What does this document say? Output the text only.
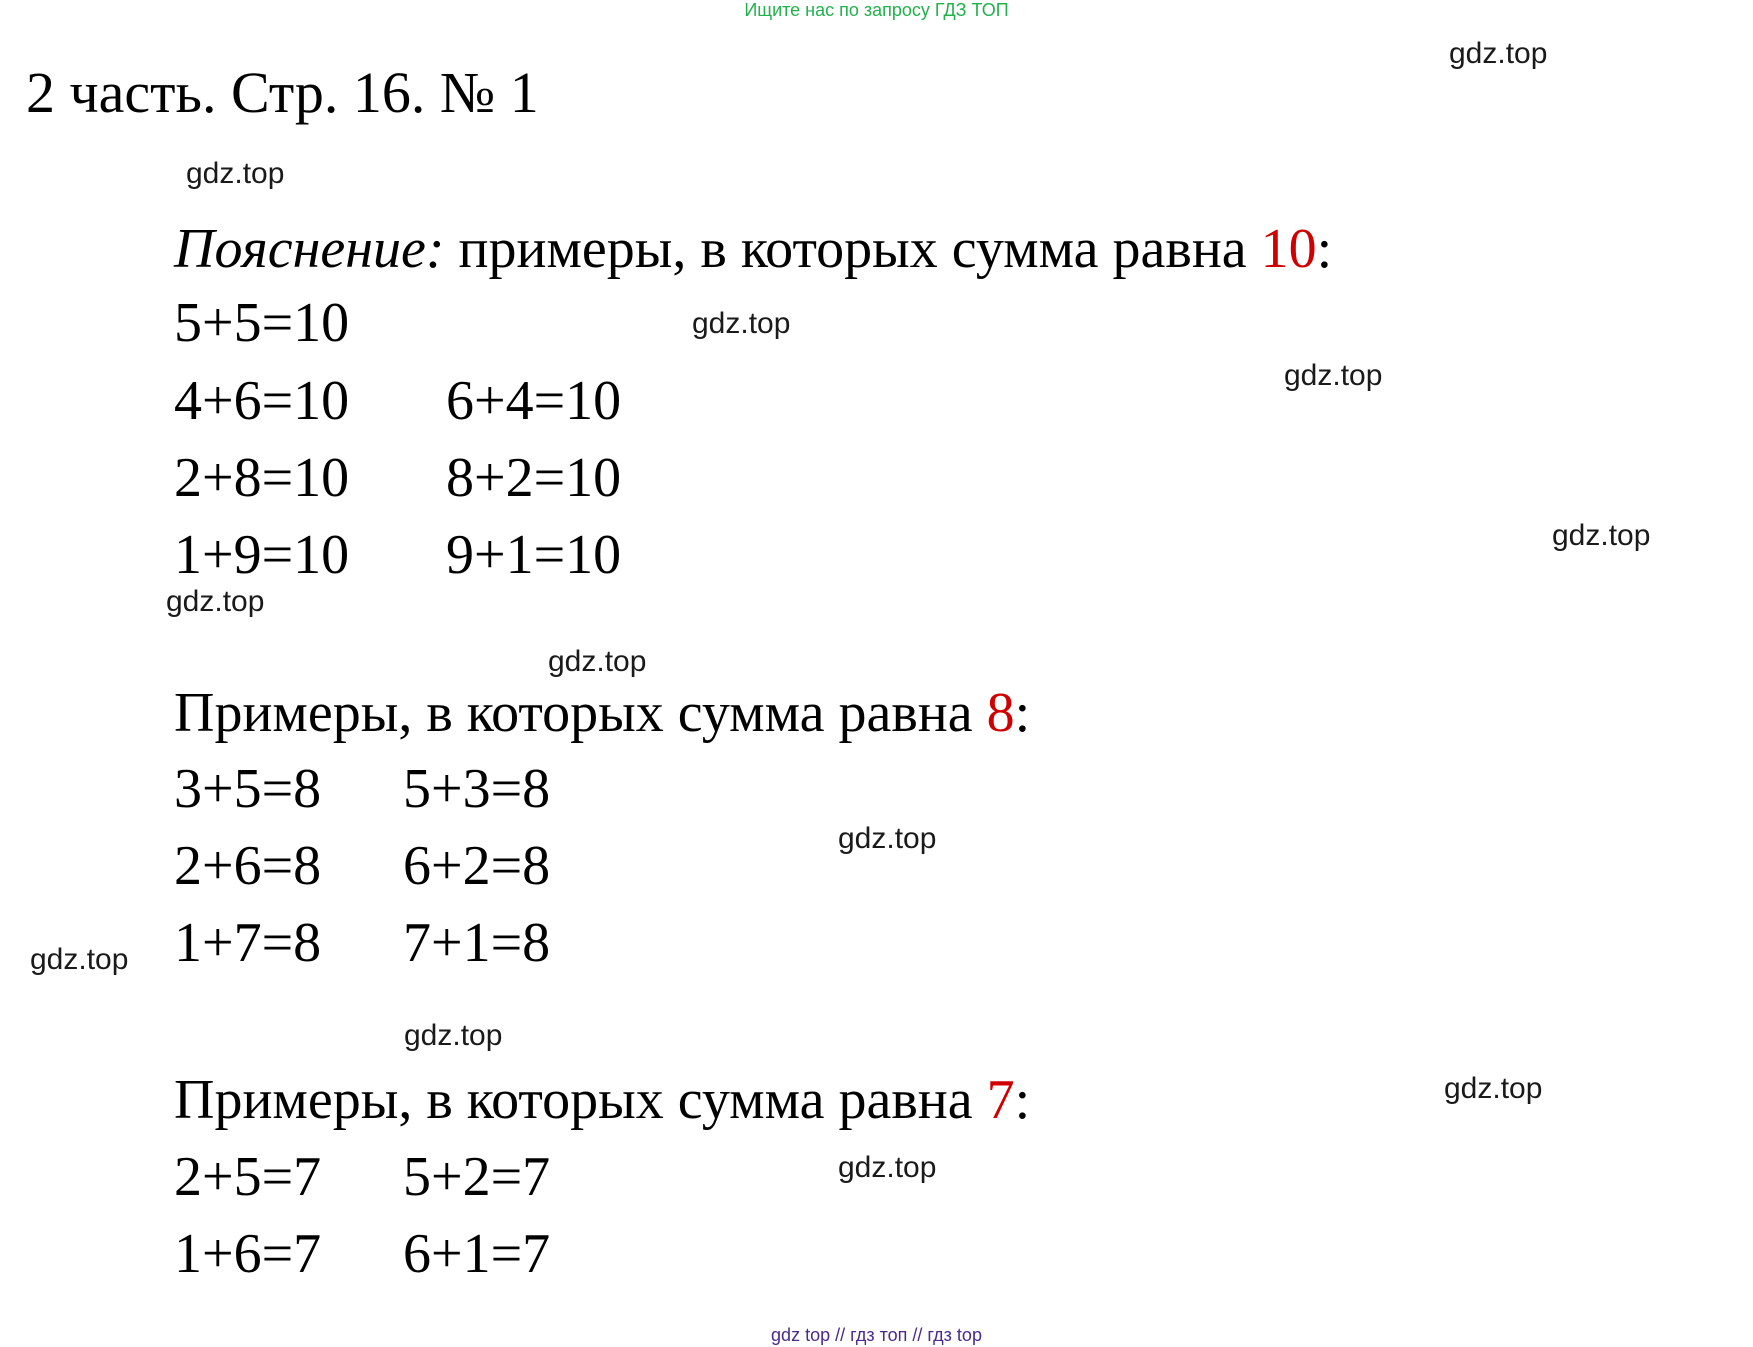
Ищите нас по запросу ГДЗ ТОП
2 часть. Стр. 16. № 1
Пояснение: примеры, в которых сумма равна 10:
5+5=10
4+6=10 6+4=10
2+8=10 8+2=10
1+9=10 9+1=10
Примеры, в которых сумма равна 8:
3+5=8 5+3=8
2+6=8 6+2=8
1+7=8 7+1=8
Примеры, в которых сумма равна 7:
2+5=7 5+2=7
1+6=7 6+1=7
gdz.top
gdz.top
gdz.top
gdz.top
gdz.top
gdz.top
gdz.top
gdz.top
gdz.top
gdz.top
gdz.top
gdz.top
gdz top // гдз топ // гдз top
